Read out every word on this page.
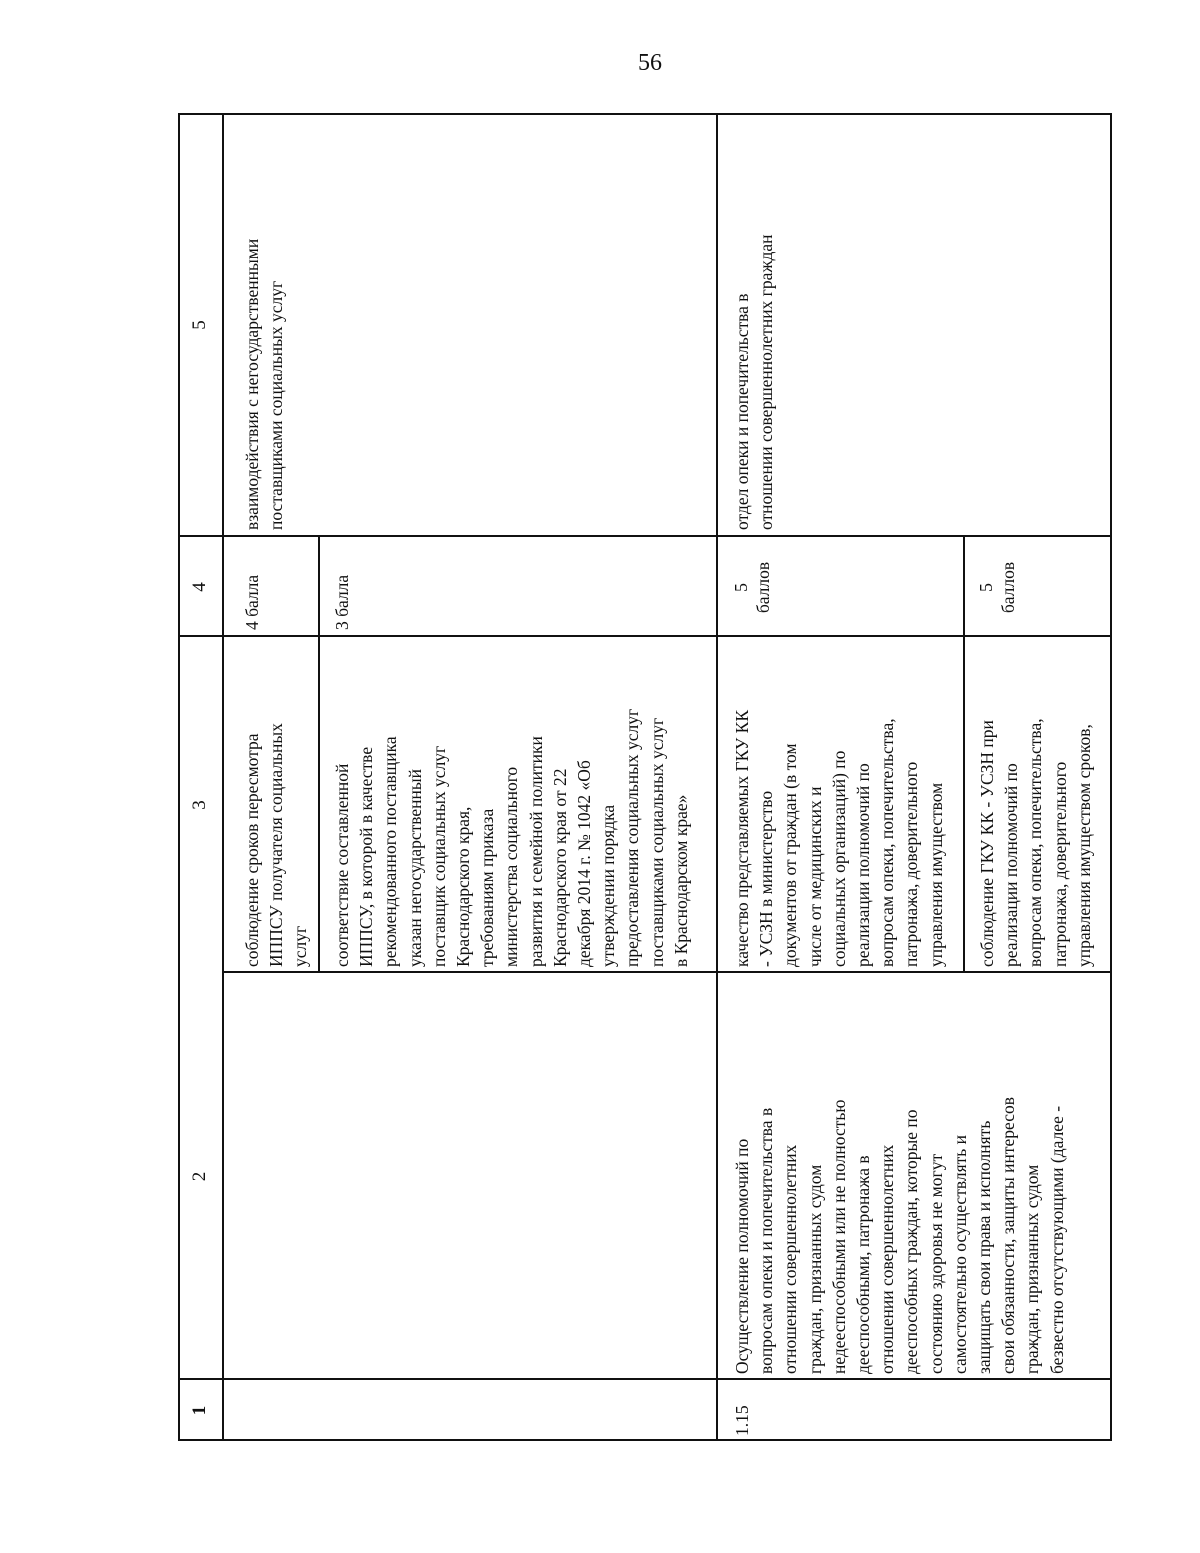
56
1
2
3
4
5
соблюдение сроков пересмотра
ИППСУ получателя социальных
услуг
4 балла
соответствие составленной
ИППСУ, в которой в качестве
рекомендованного поставщика
указан негосударственный
поставщик социальных услуг
Краснодарского края,
требованиям приказа
министерства социального
развития и семейной политики
Краснодарского края от 22
декабря 2014 г. № 1042 «Об
утверждении порядка
предоставления социальных услуг
поставщиками социальных услуг
в Краснодарском крае»
3 балла
взаимодействия с негосударственными
поставщиками социальных услуг
1.15
Осуществление полномочий по
вопросам опеки и попечительства в
отношении совершеннолетних
граждан, признанных судом
недееспособными или не полностью
дееспособными, патронажа в
отношении совершеннолетних
дееспособных граждан, которые по
состоянию здоровья не могут
самостоятельно осуществлять и
защищать свои права и исполнять
свои обязанности, защиты интересов
граждан, признанных судом
безвестно отсутствующими (далее -
качество представляемых ГКУ КК
- УСЗН в министерство
документов от граждан (в том
числе от медицинских и
социальных организаций) по
реализации полномочий по
вопросам опеки, попечительства,
патронажа, доверительного
управления имуществом
5
баллов
соблюдение ГКУ КК - УСЗН при
реализации полномочий по
вопросам опеки, попечительства,
патронажа, доверительного
управления имуществом сроков,
5
баллов
отдел опеки и попечительства в
отношении совершеннолетних граждан
